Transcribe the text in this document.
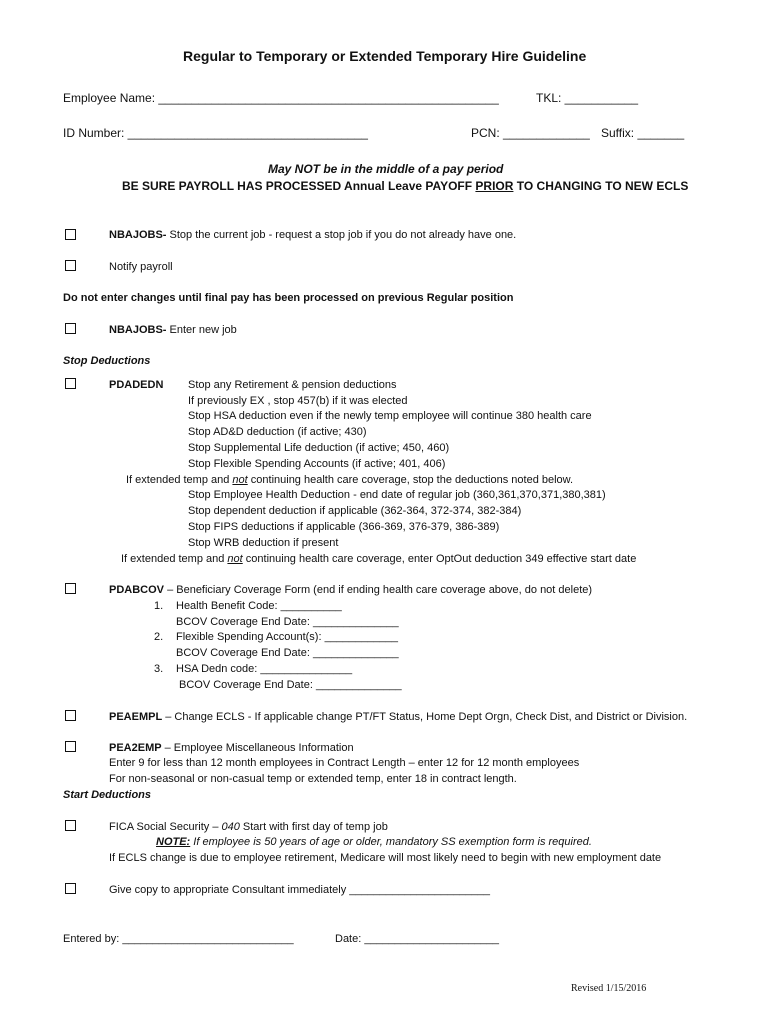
Regular to Temporary or Extended Temporary Hire Guideline
Employee Name: ___________________________________________________	TKL: ___________
ID Number: ____________________________________	PCN: _____________ Suffix: _______
May NOT be in the middle of a pay period
BE SURE PAYROLL HAS PROCESSED Annual Leave PAYOFF PRIOR TO CHANGING TO NEW ECLS
NBAJOBS- Stop the current job - request a stop job if you do not already have one.
Notify payroll
Do not enter changes until final pay has been processed on previous Regular position
NBAJOBS- Enter new job
Stop Deductions
PDADEDN Stop any Retirement & pension deductions
If previously EX , stop 457(b) if it was elected
Stop HSA deduction even if the newly temp employee will continue 380 health care
Stop AD&D deduction (if active; 430)
Stop Supplemental Life deduction (if active; 450, 460)
Stop Flexible Spending Accounts (if active; 401, 406)
If extended temp and not continuing health care coverage, stop the deductions noted below.
Stop Employee Health Deduction - end date of regular job (360,361,370,371,380,381)
Stop dependent deduction if applicable (362-364, 372-374, 382-384)
Stop FIPS deductions if applicable (366-369, 376-379, 386-389)
Stop WRB deduction if present
If extended temp and not continuing health care coverage, enter OptOut deduction 349 effective start date
PDABCOV – Beneficiary Coverage Form (end if ending health care coverage above, do not delete)
1. Health Benefit Code: __________
BCOV Coverage End Date: ______________
2. Flexible Spending Account(s): ____________
BCOV Coverage End Date: ______________
3. HSA Dedn code: _______________
BCOV Coverage End Date: ______________
PEAEMPL – Change ECLS - If applicable change PT/FT Status, Home Dept Orgn, Check Dist, and District or Division.
PEA2EMP – Employee Miscellaneous Information
Enter 9 for less than 12 month employees in Contract Length – enter 12 for 12 month employees
For non-seasonal or non-casual temp or extended temp, enter 18 in contract length.
Start Deductions
FICA Social Security – 040 Start with first day of temp job
NOTE: If employee is 50 years of age or older, mandatory SS exemption form is required.
If ECLS change is due to employee retirement, Medicare will most likely need to begin with new employment date
Give copy to appropriate Consultant immediately _______________________
Entered by: ____________________________	Date: ______________________
Revised 1/15/2016
